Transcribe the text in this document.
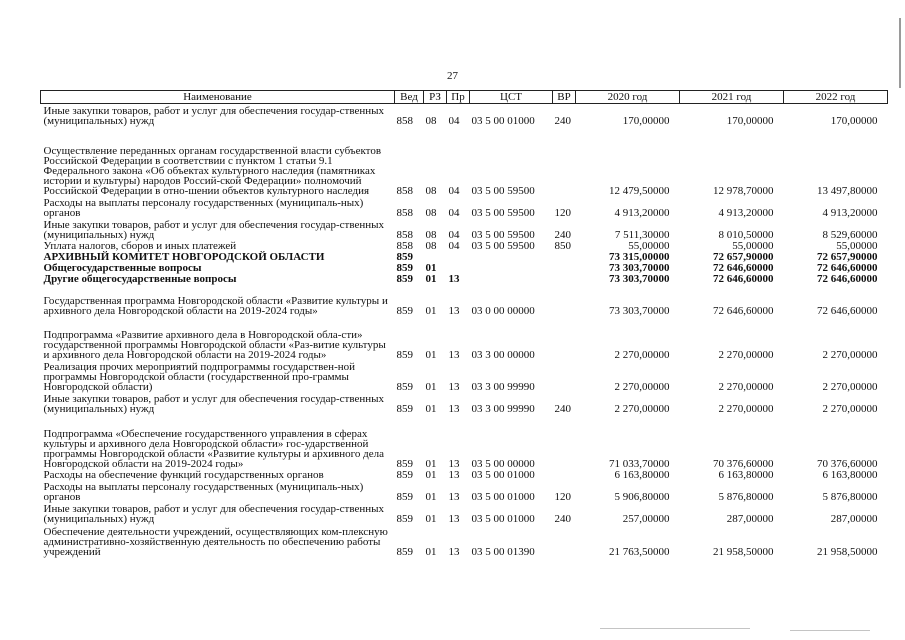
27
Наименование	Вед	РЗ	Пр	ЦСТ	ВР	2020 год	2021 год	2022 год
Иные закупки товаров, работ и услуг для обеспечения государ-ственных (муниципальных) нужд	858	08	04	03 5 00 01000	240	170,00000	170,00000	170,00000
Осуществление переданных органам государственной власти субъектов Российской Федерации в соответствии с пунктом 1 статьи 9.1 Федерального закона «Об объектах культурного наследия (памятниках истории и культуры) народов Россий-ской Федерации» полномочий Российской Федерации в отно-шении объектов культурного наследия	858	08	04	03 5 00 59500		12 479,50000	12 978,70000	13 497,80000
Расходы на выплаты персоналу государственных (муниципаль-ных) органов	858	08	04	03 5 00 59500	120	4 913,20000	4 913,20000	4 913,20000
Иные закупки товаров, работ и услуг для обеспечения государ-ственных (муниципальных) нужд	858	08	04	03 5 00 59500	240	7 511,30000	8 010,50000	8 529,60000
Уплата налогов, сборов и иных платежей	858	08	04	03 5 00 59500	850	55,00000	55,00000	55,00000
АРХИВНЫЙ КОМИТЕТ НОВГОРОДСКОЙ ОБЛАСТИ	859					73 315,00000	72 657,90000	72 657,90000
Общегосударственные вопросы	859	01				73 303,70000	72 646,60000	72 646,60000
Другие общегосударственные вопросы	859	01	13			73 303,70000	72 646,60000	72 646,60000
Государственная программа Новгородской области «Развитие культуры и архивного дела Новгородской области на 2019-2024 годы»	859	01	13	03 0 00 00000		73 303,70000	72 646,60000	72 646,60000
Подпрограмма «Развитие архивного дела в Новгородской обла-сти» государственной программы Новгородской области «Раз-витие культуры и архивного дела Новгородской области на 2019-2024 годы»	859	01	13	03 3 00 00000		2 270,00000	2 270,00000	2 270,00000
Реализация прочих мероприятий подпрограммы государствен-ной программы Новгородской области (государственной про-граммы Новгородской области)	859	01	13	03 3 00 99990		2 270,00000	2 270,00000	2 270,00000
Иные закупки товаров, работ и услуг для обеспечения государ-ственных (муниципальных) нужд	859	01	13	03 3 00 99990	240	2 270,00000	2 270,00000	2 270,00000
Подпрограмма «Обеспечение государственного управления в сферах культуры и архивного дела Новгородской области» гос-ударственной программы Новгородской области «Развитие культуры и архивного дела Новгородской области на 2019-2024 годы»	859	01	13	03 5 00 00000		71 033,70000	70 376,60000	70 376,60000
Расходы на обеспечение функций государственных органов	859	01	13	03 5 00 01000		6 163,80000	6 163,80000	6 163,80000
Расходы на выплаты персоналу государственных (муниципаль-ных) органов	859	01	13	03 5 00 01000	120	5 906,80000	5 876,80000	5 876,80000
Иные закупки товаров, работ и услуг для обеспечения государ-ственных (муниципальных) нужд	859	01	13	03 5 00 01000	240	257,00000	287,00000	287,00000
Обеспечение деятельности учреждений, осуществляющих ком-плексную административно-хозяйственную деятельность по обеспечению работы учреждений	859	01	13	03 5 00 01390		21 763,50000	21 958,50000	21 958,50000
